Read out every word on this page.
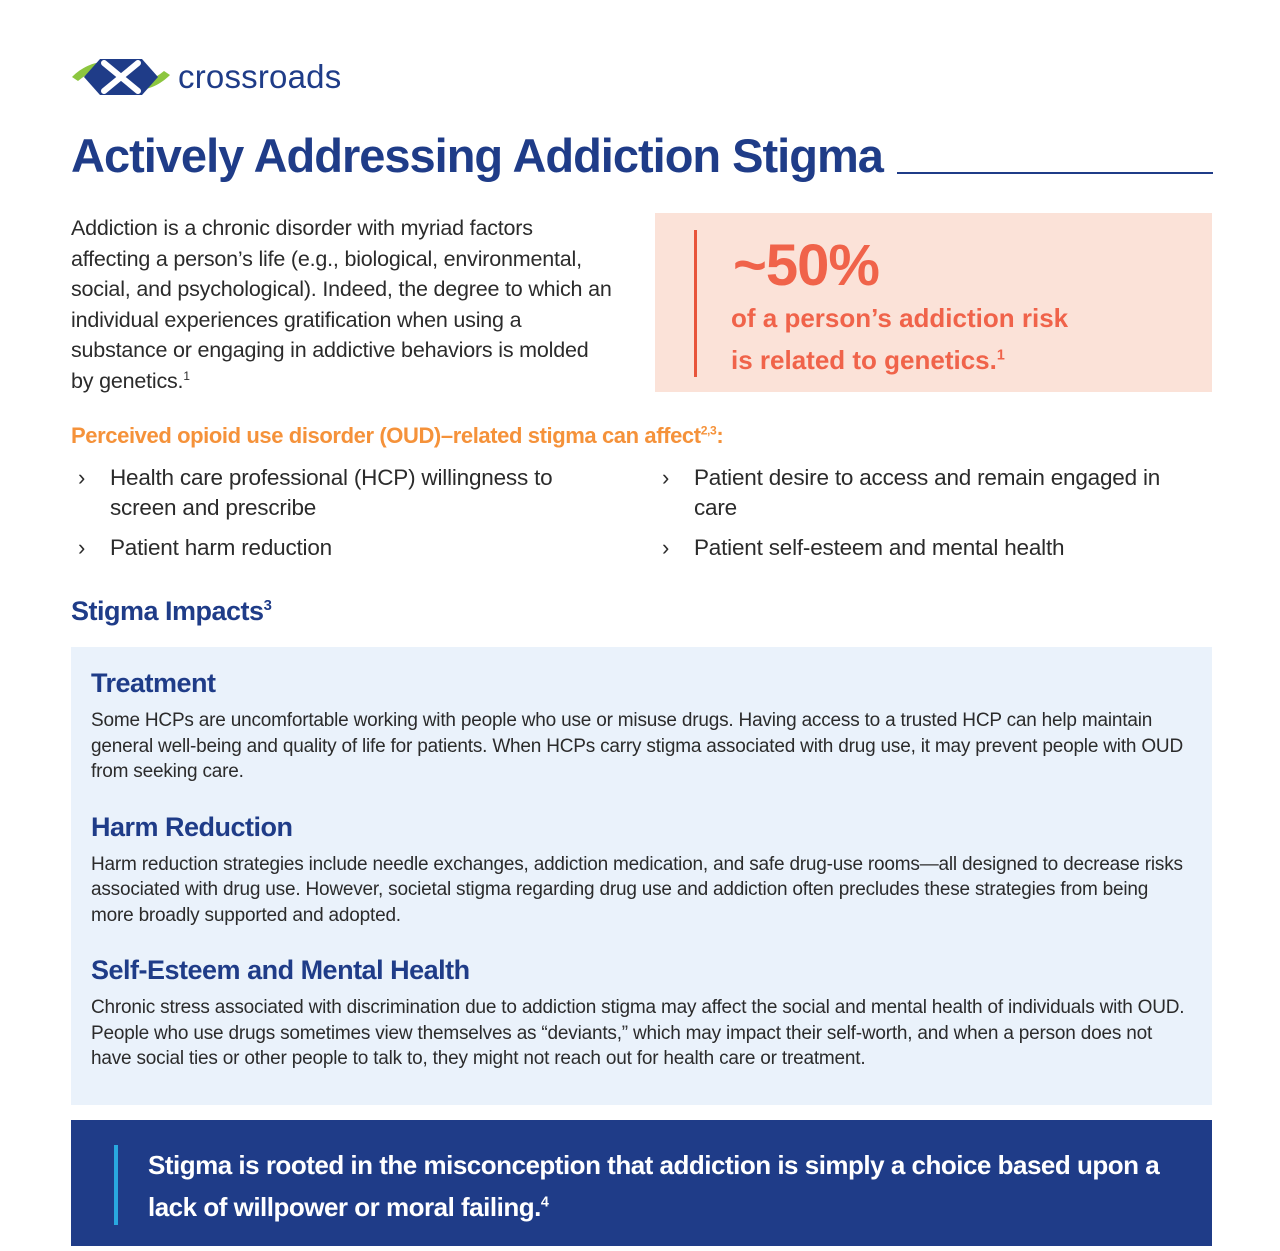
crossroads
Actively Addressing Addiction Stigma

Addiction is a chronic disorder with myriad factors affecting a person’s life (e.g., biological, environmental, social, and psychological). Indeed, the degree to which an individual experiences gratification when using a substance or engaging in addictive behaviors is molded by genetics.$^1$

~50%
of a person’s addiction risk
is related to genetics.$^1$
Perceived opioid use disorder (OUD)–related stigma can affect$^{2,3}$:
› Health care professional (HCP) willingness to screen and prescribe
› Patient harm reduction
› Patient desire to access and remain engaged in care
› Patient self-esteem and mental health
Stigma Impacts$^3$
Treatment

Some HCPs are uncomfortable working with people who use or misuse drugs. Having access to a trusted HCP can help maintain general well-being and quality of life for patients. When HCPs carry stigma associated with drug use, it may prevent people with OUD from seeking care.

Harm Reduction

Harm reduction strategies include needle exchanges, addiction medication, and safe drug-use rooms—all designed to decrease risks associated with drug use. However, societal stigma regarding drug use and addiction often precludes these strategies from being more broadly supported and adopted.

Self-Esteem and Mental Health

Chronic stress associated with discrimination due to addiction stigma may affect the social and mental health of individuals with OUD. People who use drugs sometimes view themselves as “deviants,” which may impact their self-worth, and when a person does not have social ties or other people to talk to, they might not reach out for health care or treatment.

Stigma is rooted in the misconception that addiction is simply a choice based upon a lack of willpower or moral failing.$^4$
